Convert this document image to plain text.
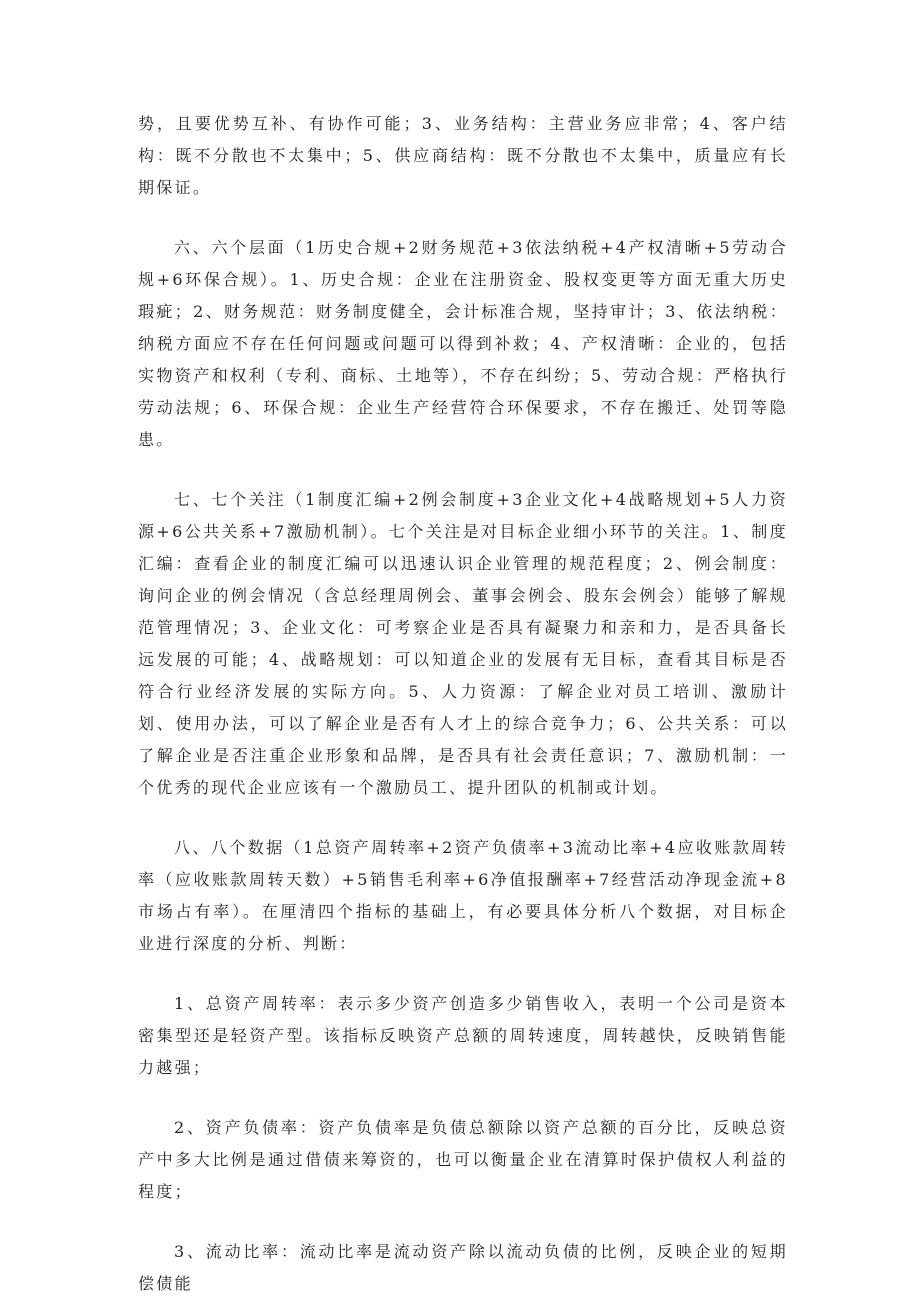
势，且要优势互补、有协作可能；3、业务结构：主营业务应非常；4、客户结构：既不分散也不太集中；5、供应商结构：既不分散也不太集中，质量应有长期保证。

六、六个层面（1历史合规+2财务规范+3依法纳税+4产权清晰+5劳动合规+6环保合规）。1、历史合规：企业在注册资金、股权变更等方面无重大历史瑕疵；2、财务规范：财务制度健全，会计标准合规，坚持审计；3、依法纳税：纳税方面应不存在任何问题或问题可以得到补救；4、产权清晰：企业的，包括实物资产和权利（专利、商标、土地等），不存在纠纷；5、劳动合规：严格执行劳动法规；6、环保合规：企业生产经营符合环保要求，不存在搬迁、处罚等隐患。

七、七个关注（1制度汇编+2例会制度+3企业文化+4战略规划+5人力资源+6公共关系+7激励机制）。七个关注是对目标企业细小环节的关注。1、制度汇编：查看企业的制度汇编可以迅速认识企业管理的规范程度；2、例会制度：询问企业的例会情况（含总经理周例会、董事会例会、股东会例会）能够了解规范管理情况；3、企业文化：可考察企业是否具有凝聚力和亲和力，是否具备长远发展的可能；4、战略规划：可以知道企业的发展有无目标，查看其目标是否符合行业经济发展的实际方向。5、人力资源：了解企业对员工培训、激励计划、使用办法，可以了解企业是否有人才上的综合竞争力；6、公共关系：可以了解企业是否注重企业形象和品牌，是否具有社会责任意识；7、激励机制：一个优秀的现代企业应该有一个激励员工、提升团队的机制或计划。

八、八个数据（1总资产周转率+2资产负债率+3流动比率+4应收账款周转率（应收账款周转天数）+5销售毛利率+6净值报酬率+7经营活动净现金流+8市场占有率）。在厘清四个指标的基础上，有必要具体分析八个数据，对目标企业进行深度的分析、判断：

1、总资产周转率：表示多少资产创造多少销售收入，表明一个公司是资本密集型还是轻资产型。该指标反映资产总额的周转速度，周转越快，反映销售能力越强；

2、资产负债率：资产负债率是负债总额除以资产总额的百分比，反映总资产中多大比例是通过借债来筹资的，也可以衡量企业在清算时保护债权人利益的程度；

3、流动比率：流动比率是流动资产除以流动负债的比例，反映企业的短期偿债能
